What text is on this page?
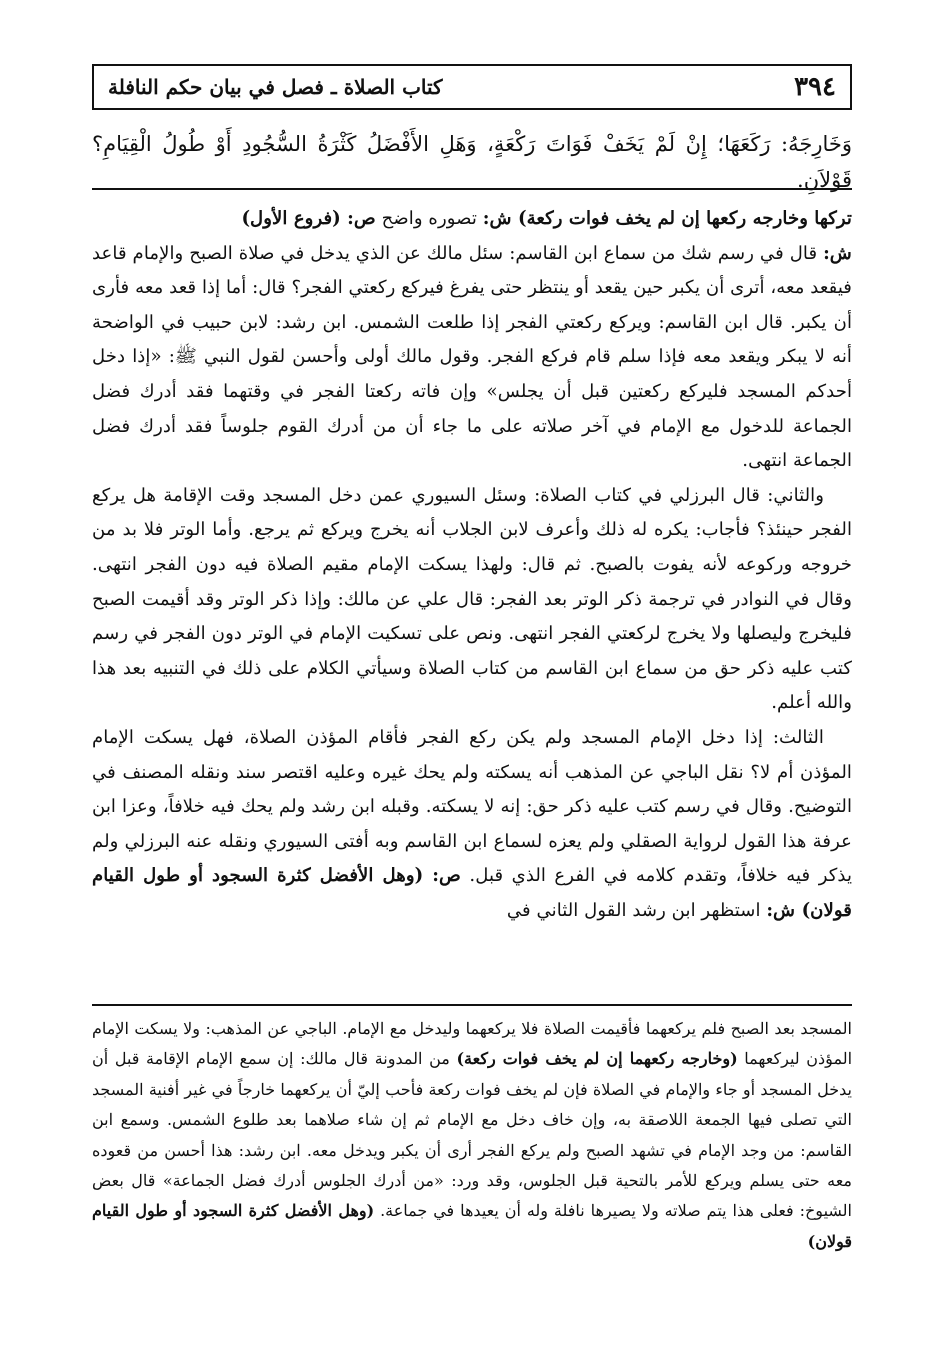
٣٩٤
كتاب الصلاة ـ فصل في بيان حكم النافلة
وَخَارِجَهُ: رَكَعَهَا؛ إِنْ لَمْ يَخَفْ فَوَاتَ رَكْعَةٍ، وَهَلِ الأَفْضَلُ كَثْرَةُ السُّجُودِ أَوْ طُولُ الْقِيَامِ؟ قَوْلاَنِ.

تركها وخارجه ركعها إن لم يخف فوات ركعة) ش: تصوره واضح ص: (فروع الأول)

ش: قال في رسم شك من سماع ابن القاسم: سئل مالك عن الذي يدخل في صلاة الصبح والإمام قاعد فيقعد معه، أترى أن يكبر حين يقعد أو ينتظر حتى يفرغ فيركع ركعتي الفجر؟ قال: أما إذا قعد معه فأرى أن يكبر. قال ابن القاسم: ويركع ركعتي الفجر إذا طلعت الشمس. ابن رشد: لابن حبيب في الواضحة أنه لا يبكر ويقعد معه فإذا سلم قام فركع الفجر. وقول مالك أولى وأحسن لقول النبي ﷺ: «إذا دخل أحدكم المسجد فليركع ركعتين قبل أن يجلس» وإن فاته ركعتا الفجر في وقتهما فقد أدرك فضل الجماعة للدخول مع الإمام في آخر صلاته على ما جاء أن من أدرك القوم جلوساً فقد أدرك فضل الجماعة انتهى.

والثاني: قال البرزلي في كتاب الصلاة: وسئل السيوري عمن دخل المسجد وقت الإقامة هل يركع الفجر حينئذ؟ فأجاب: يكره له ذلك وأعرف لابن الجلاب أنه يخرج ويركع ثم يرجع. وأما الوتر فلا بد من خروجه وركوعه لأنه يفوت بالصبح. ثم قال: ولهذا يسكت الإمام مقيم الصلاة فيه دون الفجر انتهى. وقال في النوادر في ترجمة ذكر الوتر بعد الفجر: قال علي عن مالك: وإذا ذكر الوتر وقد أقيمت الصبح فليخرج وليصلها ولا يخرج لركعتي الفجر انتهى. ونص على تسكيت الإمام في الوتر دون الفجر في رسم كتب عليه ذكر حق من سماع ابن القاسم من كتاب الصلاة وسيأتي الكلام على ذلك في التنبيه بعد هذا والله أعلم.

الثالث: إذا دخل الإمام المسجد ولم يكن ركع الفجر فأقام المؤذن الصلاة، فهل يسكت الإمام المؤذن أم لا؟ نقل الباجي عن المذهب أنه يسكته ولم يحك غيره وعليه اقتصر سند ونقله المصنف في التوضيح. وقال في رسم كتب عليه ذكر حق: إنه لا يسكته. وقبله ابن رشد ولم يحك فيه خلافاً، وعزا ابن عرفة هذا القول لرواية الصقلي ولم يعزه لسماع ابن القاسم وبه أفتى السيوري ونقله عنه البرزلي ولم يذكر فيه خلافاً، وتقدم كلامه في الفرع الذي قبل. ص: (وهل الأفضل كثرة السجود أو طول القيام قولان) ش: استظهر ابن رشد القول الثاني في

المسجد بعد الصبح فلم يركعهما فأقيمت الصلاة فلا يركعهما وليدخل مع الإمام. الباجي عن المذهب: ولا يسكت الإمام المؤذن ليركعهما (وخارجه ركعهما إن لم يخف فوات ركعة) من المدونة قال مالك: إن سمع الإمام الإقامة قبل أن يدخل المسجد أو جاء والإمام في الصلاة فإن لم يخف فوات ركعة فأحب إليّ أن يركعهما خارجاً في غير أفنية المسجد التي تصلى فيها الجمعة اللاصقة به، وإن خاف دخل مع الإمام ثم إن شاء صلاهما بعد طلوع الشمس. وسمع ابن القاسم: من وجد الإمام في تشهد الصبح ولم يركع الفجر أرى أن يكبر ويدخل معه. ابن رشد: هذا أحسن من قعوده معه حتى يسلم ويركع للأمر بالتحية قبل الجلوس، وقد ورد: «من أدرك الجلوس أدرك فضل الجماعة» قال بعض الشيوخ: فعلى هذا يتم صلاته ولا يصيرها نافلة وله أن يعيدها في جماعة. (وهل الأفضل كثرة السجود أو طول القيام قولان)
